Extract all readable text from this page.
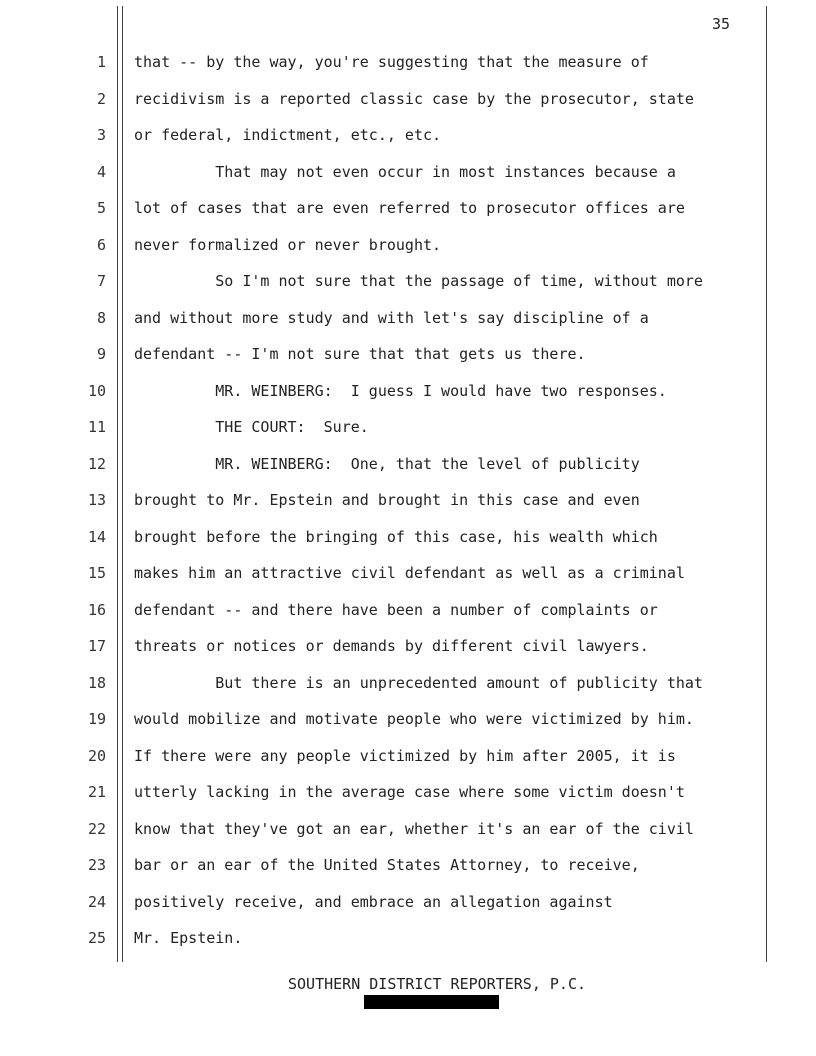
35
1 that -- by the way, you're suggesting that the measure of
2 recidivism is a reported classic case by the prosecutor, state
3 or federal, indictment, etc., etc.
4 That may not even occur in most instances because a
5 lot of cases that are even referred to prosecutor offices are
6 never formalized or never brought.
7 So I'm not sure that the passage of time, without more
8 and without more study and with let's say discipline of a
9 defendant -- I'm not sure that that gets us there.
10 MR. WEINBERG:  I guess I would have two responses.
11 THE COURT:  Sure.
12 MR. WEINBERG:  One, that the level of publicity
13 brought to Mr. Epstein and brought in this case and even
14 brought before the bringing of this case, his wealth which
15 makes him an attractive civil defendant as well as a criminal
16 defendant -- and there have been a number of complaints or
17 threats or notices or demands by different civil lawyers.
18 But there is an unprecedented amount of publicity that
19 would mobilize and motivate people who were victimized by him.
20 If there were any people victimized by him after 2005, it is
21 utterly lacking in the average case where some victim doesn't
22 know that they've got an ear, whether it's an ear of the civil
23 bar or an ear of the United States Attorney, to receive,
24 positively receive, and embrace an allegation against
25 Mr. Epstein.
SOUTHERN DISTRICT REPORTERS, P.C.
